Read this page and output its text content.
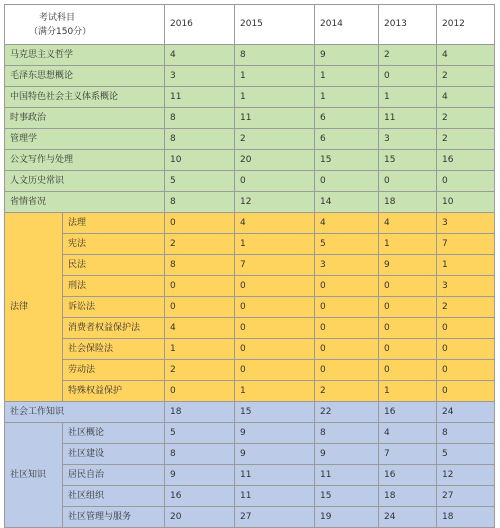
考试科目
（满分150分）		2016	2015	2014	2013	2012
马克思主义哲学		4	8	9	2	4
毛泽东思想概论		3	1	1	0	2
中国特色社会主义体系概论		11	1	1	1	4
时事政治		8	11	6	11	2
管理学		8	2	6	3	2
公文写作与处理		10	20	15	15	16
人文历史常识		5	0	0	0	0
省情省况		8	12	14	18	10
法律	法理	0	4	4	4	3
	宪法	2	1	5	1	7
	民法	8	7	3	9	1
	刑法	0	0	0	0	3
	诉讼法	0	0	0	0	2
	消费者权益保护法	4	0	0	0	0
	社会保险法	1	0	0	0	0
	劳动法	2	0	0	0	0
	特殊权益保护	0	1	2	1	0
社会工作知识		18	15	22	16	24
社区知识	社区概论	5	9	8	4	8
	社区建设	8	9	9	7	5
	居民自治	9	11	11	16	12
	社区组织	16	11	15	18	27
	社区管理与服务	20	27	19	24	18
